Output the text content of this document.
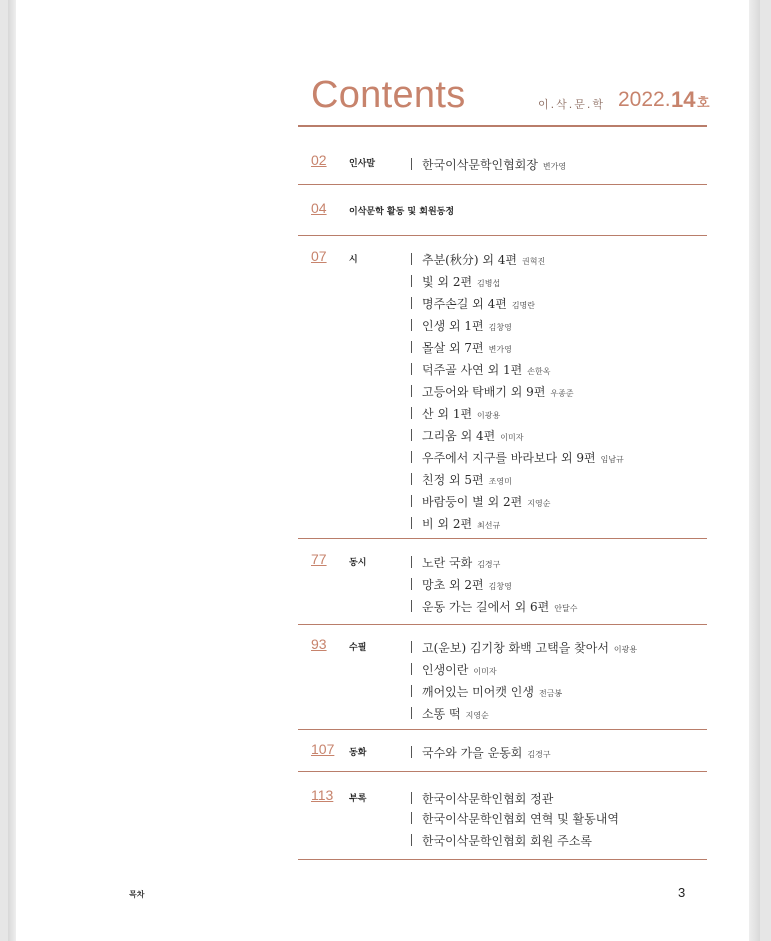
Contents	이.삭.문.학 2022. 14 호
02 인사말	한국이삭문학인협회장 변가영
04 이삭문학 활동 및 회원동정
07 시	추분(秋分) 외 4편 권혁진
빛 외 2편 김병섭
명주손길 외 4편 김명란
인생 외 1편 김창영
몰살 외 7편 변가영
덕주골 사연 외 1편 손한옥
고등어와 탁배기 외 9편 우종준
산 외 1편 이광용
그리움 외 4편 이미자
우주에서 지구를 바라보다 외 9편 임남규
친정 외 5편 조영미
바람둥이 별 외 2편 지영순
비 외 2편 최선규
77 동시	노란 국화 김경구
망초 외 2편 김창영
운동 가는 길에서 외 6편 안달수
93 수필	고(운보) 김기창 화백 고택을 찾아서 이광용
인생이란 이미자
깨어있는 미어캣 인생 전금봉
소똥 떡 지영순
107 동화	국수와 가을 운동회 김경구
113 부록	한국이삭문학인협회 정관
한국이삭문학인협회 연혁 및 활동내역
한국이삭문학인협회 회원 주소록
목차	3
